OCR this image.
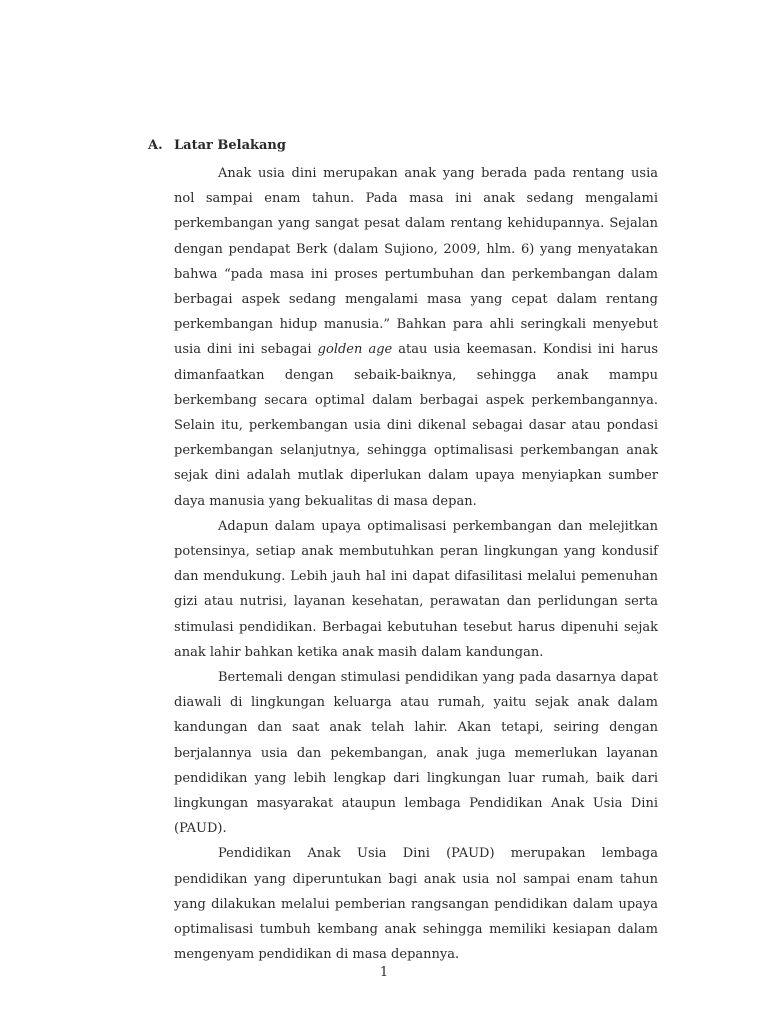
A. Latar Belakang

Anak usia dini merupakan anak yang berada pada rentang usia nol sampai enam tahun. Pada masa ini anak sedang mengalami perkembangan yang sangat pesat dalam rentang kehidupannya. Sejalan dengan pendapat Berk (dalam Sujiono, 2009, hlm. 6) yang menyatakan bahwa “pada masa ini proses pertumbuhan dan perkembangan dalam berbagai aspek sedang mengalami masa yang cepat dalam rentang perkembangan hidup manusia.” Bahkan para ahli seringkali menyebut usia dini ini sebagai golden age atau usia keemasan. Kondisi ini harus dimanfaatkan dengan sebaik-baiknya, sehingga anak mampu berkembang secara optimal dalam berbagai aspek perkembangannya. Selain itu, perkembangan usia dini dikenal sebagai dasar atau pondasi perkembangan selanjutnya, sehingga optimalisasi perkembangan anak sejak dini adalah mutlak diperlukan dalam upaya menyiapkan sumber daya manusia yang bekualitas di masa depan.

Adapun dalam upaya optimalisasi perkembangan dan melejitkan potensinya, setiap anak membutuhkan peran lingkungan yang kondusif dan mendukung. Lebih jauh hal ini dapat difasilitasi melalui pemenuhan gizi atau nutrisi, layanan kesehatan, perawatan dan perlidungan serta stimulasi pendidikan. Berbagai kebutuhan tesebut harus dipenuhi sejak anak lahir bahkan ketika anak masih dalam kandungan.

Bertemali dengan stimulasi pendidikan yang pada dasarnya dapat diawali di lingkungan keluarga atau rumah, yaitu sejak anak dalam kandungan dan saat anak telah lahir. Akan tetapi, seiring dengan berjalannya usia dan pekembangan, anak juga memerlukan layanan pendidikan yang lebih lengkap dari lingkungan luar rumah, baik dari lingkungan masyarakat ataupun lembaga Pendidikan Anak Usia Dini (PAUD).

Pendidikan Anak Usia Dini (PAUD) merupakan lembaga pendidikan yang diperuntukan bagi anak usia nol sampai enam tahun yang dilakukan melalui pemberian rangsangan pendidikan dalam upaya optimalisasi tumbuh kembang anak sehingga memiliki kesiapan dalam mengenyam pendidikan di masa depannya.

1
